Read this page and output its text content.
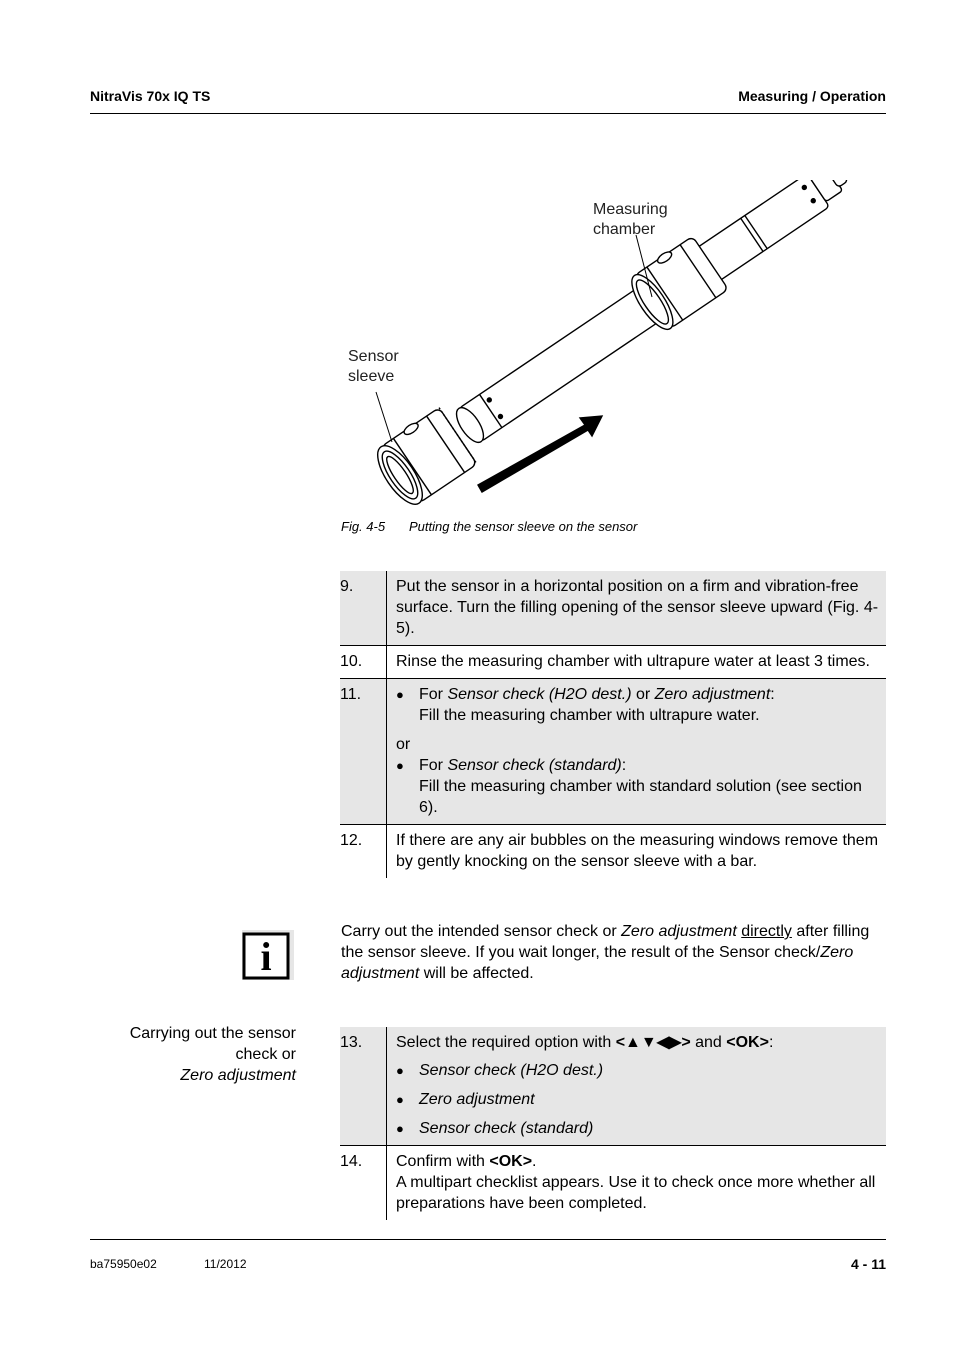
NitraVis 70x IQ TS	Measuring / Operation
Measuring
chamber
Sensor
sleeve
Fig. 4-5 Putting the sensor sleeve on the sensor
9.	Put the sensor in a horizontal position on a firm and vibration-free surface. Turn the filling opening of the sensor sleeve upward (Fig. 4-5).
10.	Rinse the measuring chamber with ultrapure water at least 3 times.
11.	● For Sensor check (H2O dest.) or Zero adjustment:
Fill the measuring chamber with ultrapure water.
or
● For Sensor check (standard):
Fill the measuring chamber with standard solution (see section 6).

12.	If there are any air bubbles on the measuring windows remove them by gently knocking on the sensor sleeve with a bar.
i
Carry out the intended sensor check or Zero adjustment directly after filling the sensor sleeve. If you wait longer, the result of the Sensor check/Zero adjustment will be affected.
Carrying out the sensor
check or
Zero adjustment
13.	Select the required option with <▲▼◀▶> and <OK>:
● Sensor check (H2O dest.)
● Zero adjustment
● Sensor check (standard)

14.	Confirm with <OK>.
A multipart checklist appears. Use it to check once more whether all preparations have been completed.
ba75950e02	11/2012	4 - 11
